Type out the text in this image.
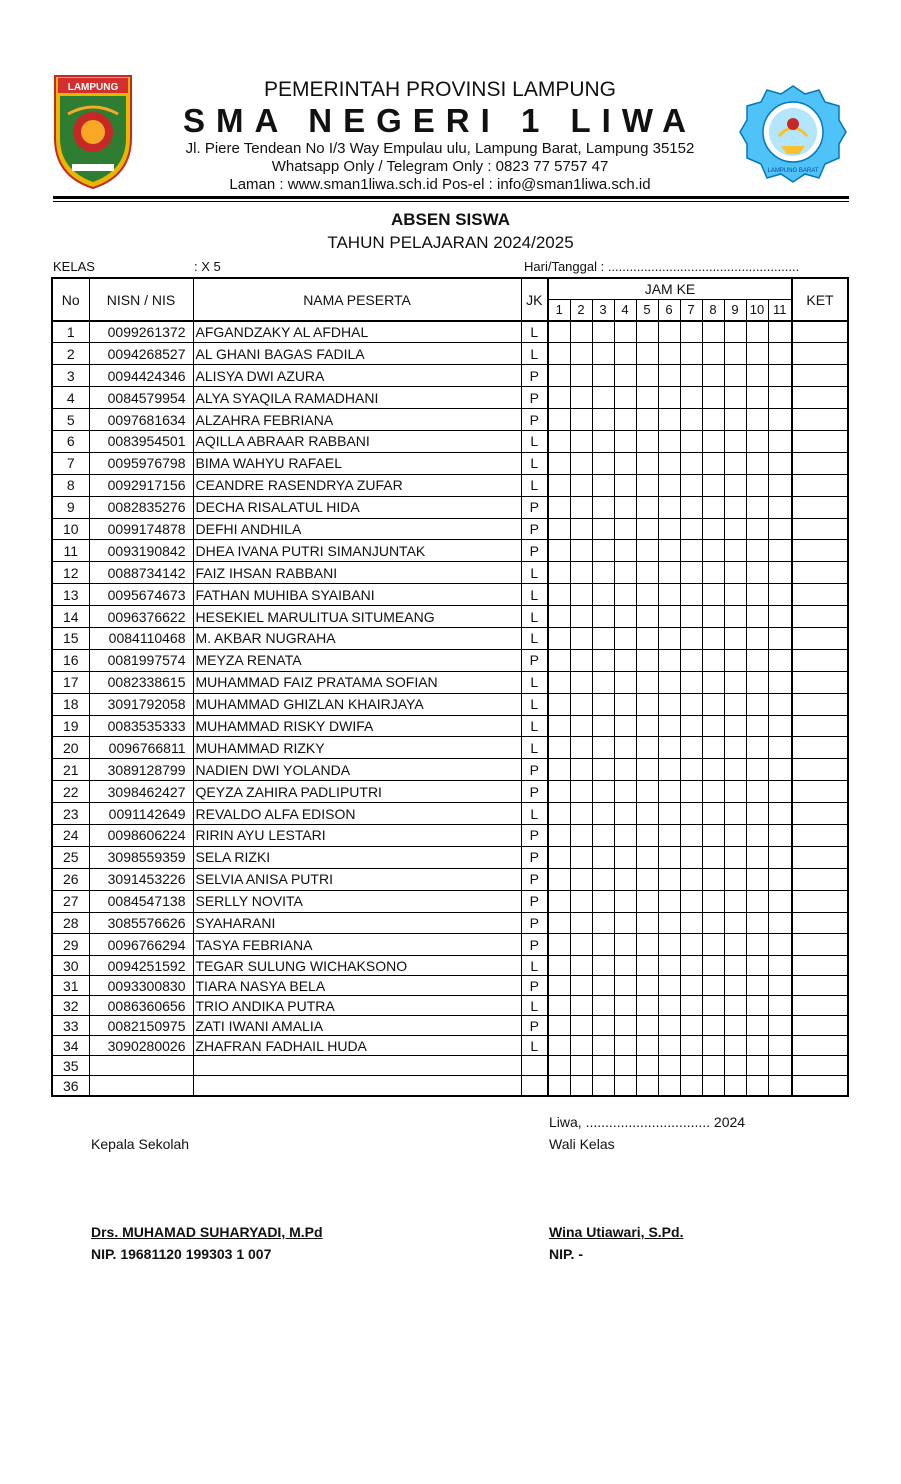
LAMPUNG
LAMPUNG BARAT
PEMERINTAH PROVINSI LAMPUNG
SMA NEGERI 1 LIWA
Jl. Piere Tendean No I/3 Way Empulau ulu, Lampung Barat, Lampung 35152
Whatsapp Only / Telegram Only : 0823 77 5757 47
Laman : www.sman1liwa.sch.id Pos-el : info@sman1liwa.sch.id
ABSEN SISWA
TAHUN PELAJARAN 2024/2025
KELAS	: X 5	Hari/Tanggal : .....................................................
No	NISN / NIS	NAMA PESERTA	JK	JAM KE											KET
				1	2	3	4	5	6	7	8	9	10	11	
1	0099261372	AFGANDZAKY AL AFDHAL	L												
2	0094268527	AL GHANI BAGAS FADILA	L												
3	0094424346	ALISYA DWI AZURA	P												
4	0084579954	ALYA SYAQILA RAMADHANI	P												
5	0097681634	ALZAHRA FEBRIANA	P												
6	0083954501	AQILLA ABRAAR RABBANI	L												
7	0095976798	BIMA WAHYU RAFAEL	L												
8	0092917156	CEANDRE RASENDRYA ZUFAR	L												
9	0082835276	DECHA RISALATUL HIDA	P												
10	0099174878	DEFHI ANDHILA	P												
11	0093190842	DHEA IVANA PUTRI SIMANJUNTAK	P												
12	0088734142	FAIZ IHSAN RABBANI	L												
13	0095674673	FATHAN MUHIBA SYAIBANI	L												
14	0096376622	HESEKIEL MARULITUA SITUMEANG	L												
15	0084110468	M. AKBAR NUGRAHA	L												
16	0081997574	MEYZA RENATA	P												
17	0082338615	MUHAMMAD FAIZ PRATAMA SOFIAN	L												
18	3091792058	MUHAMMAD GHIZLAN KHAIRJAYA	L												
19	0083535333	MUHAMMAD RISKY DWIFA	L												
20	0096766811	MUHAMMAD RIZKY	L												
21	3089128799	NADIEN DWI YOLANDA	P												
22	3098462427	QEYZA ZAHIRA PADLIPUTRI	P												
23	0091142649	REVALDO ALFA EDISON	L												
24	0098606224	RIRIN AYU LESTARI	P												
25	3098559359	SELA RIZKI	P												
26	3091453226	SELVIA ANISA PUTRI	P												
27	0084547138	SERLLY NOVITA	P												
28	3085576626	SYAHARANI	P												
29	0096766294	TASYA FEBRIANA	P												
30	0094251592	TEGAR SULUNG WICHAKSONO	L												
31	0093300830	TIARA NASYA BELA	P												
32	0086360656	TRIO ANDIKA PUTRA	L												
33	0082150975	ZATI IWANI AMALIA	P												
34	3090280026	ZHAFRAN FADHAIL HUDA	L												
35															
36															
Liwa, ................................ 2024
Kepala Sekolah	Wali Kelas
Drs. MUHAMAD SUHARYADI, M.Pd
NIP. 19681120 199303 1 007
Wina Utiawari, S.Pd.
NIP. -
